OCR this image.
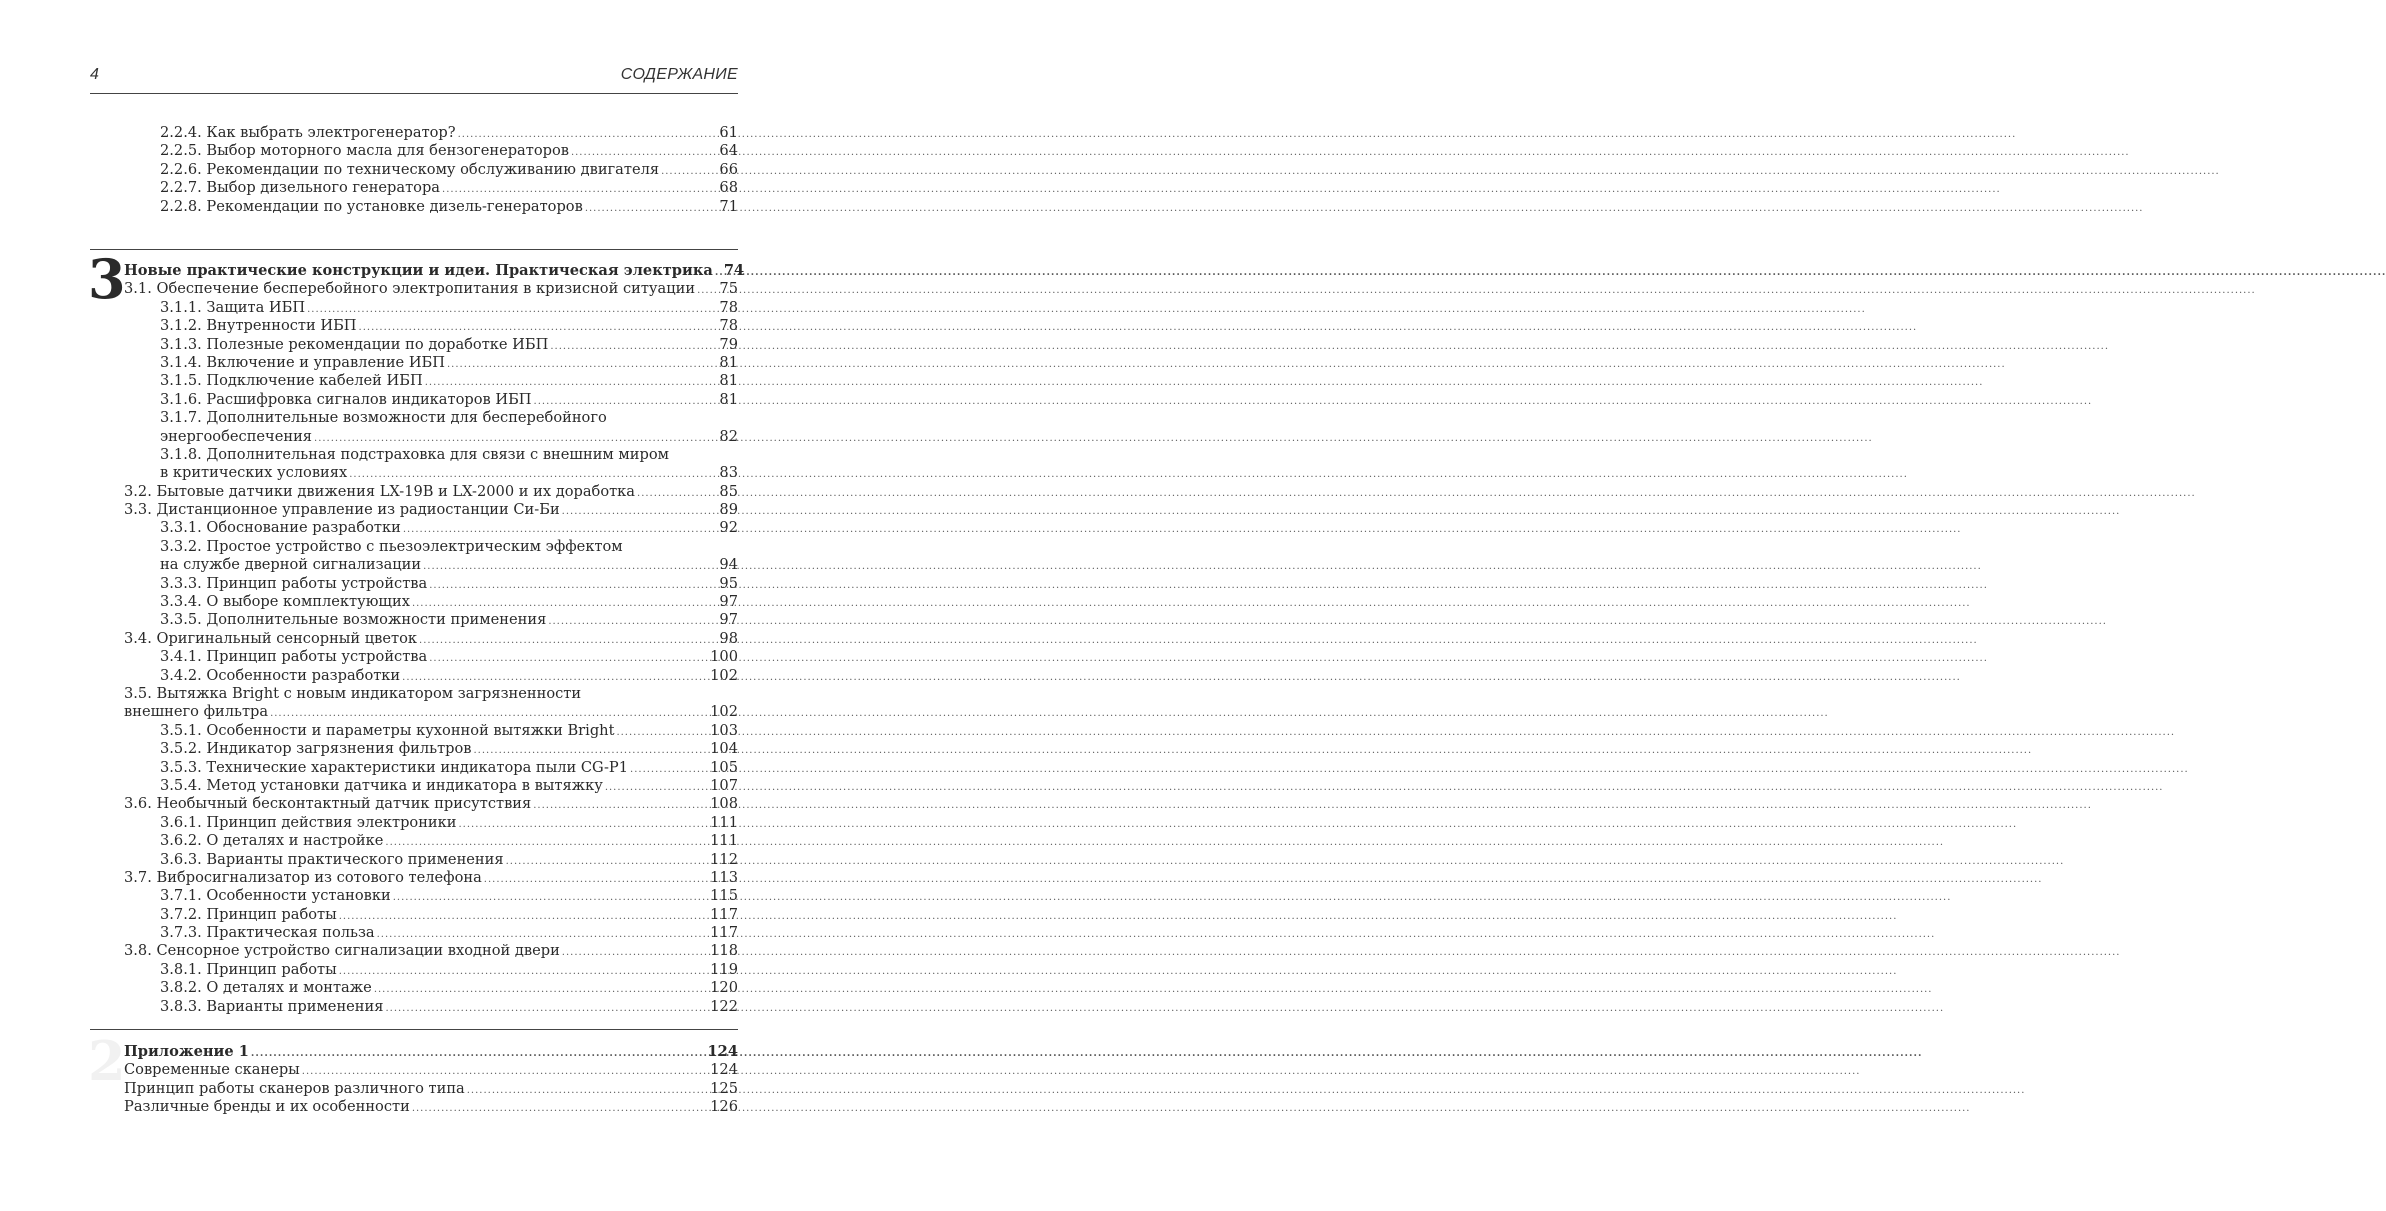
4	СОДЕРЖАНИЕ
2.2.4. Как выбрать электрогенератор? .....	61
2.2.5. Выбор моторного масла для бензогенераторов .....	64
2.2.6. Рекомендации по техническому обслуживанию двигателя .....	66
2.2.7. Выбор дизельного генератора .....	68
2.2.8. Рекомендации по установке дизель-генераторов .....	71
3
Новые практические конструкции и идеи. Практическая электрика ..... 74
3.1. Обеспечение бесперебойного электропитания в кризисной ситуации ..... 75
3.1.1. Защита ИБП .....	78
3.1.2. Внутренности ИБП .....	78
3.1.3. Полезные рекомендации по доработке ИБП .....	79
3.1.4. Включение и управление ИБП .....	81
3.1.5. Подключение кабелей ИБП .....	81
3.1.6. Расшифровка сигналов индикаторов ИБП .....	81
3.1.7. Дополнительные возможности для бесперебойного
энергообеспечения .....	82
3.1.8. Дополнительная подстраховка для связи с внешним миром
в критических условиях .....	83
3.2. Бытовые датчики движения LX-19B и LX-2000 и их доработка .....	85
3.3. Дистанционное управление из радиостанции Си-Би .....	89
3.3.1. Обоснование разработки .....	92
3.3.2. Простое устройство с пьезоэлектрическим эффектом
на службе дверной сигнализации .....	94
3.3.3. Принцип работы устройства .....	95
3.3.4. О выборе комплектующих .....	97
3.3.5. Дополнительные возможности применения .....	97
3.4. Оригинальный сенсорный цветок .....	98
3.4.1. Принцип работы устройства .....	100
3.4.2. Особенности разработки .....	102
3.5. Вытяжка Bright с новым индикатором загрязненности
внешнего фильтра .....	102
3.5.1. Особенности и параметры кухонной вытяжки Bright .....	103
3.5.2. Индикатор загрязнения фильтров .....	104
3.5.3. Технические характеристики индикатора пыли CG-P1 .....	105
3.5.4. Метод установки датчика и индикатора в вытяжку .....	107
3.6. Необычный бесконтактный датчик присутствия .....	108
3.6.1. Принцип действия электроники .....	111
3.6.2. О деталях и настройке .....	111
3.6.3. Варианты практического применения .....	112
3.7. Вибросигнализатор из сотового телефона .....	113
3.7.1. Особенности установки .....	115
3.7.2. Принцип работы .....	117
3.7.3. Практическая польза .....	117
3.8. Сенсорное устройство сигнализации входной двери .....	118
3.8.1. Принцип работы .....	119
3.8.2. О деталях и монтаже .....	120
3.8.3. Варианты применения .....	122
2
Приложение 1 .....	124
Современные сканеры .....	124
Принцип работы сканеров различного типа .....	125
Различные бренды и их особенности .....	126
